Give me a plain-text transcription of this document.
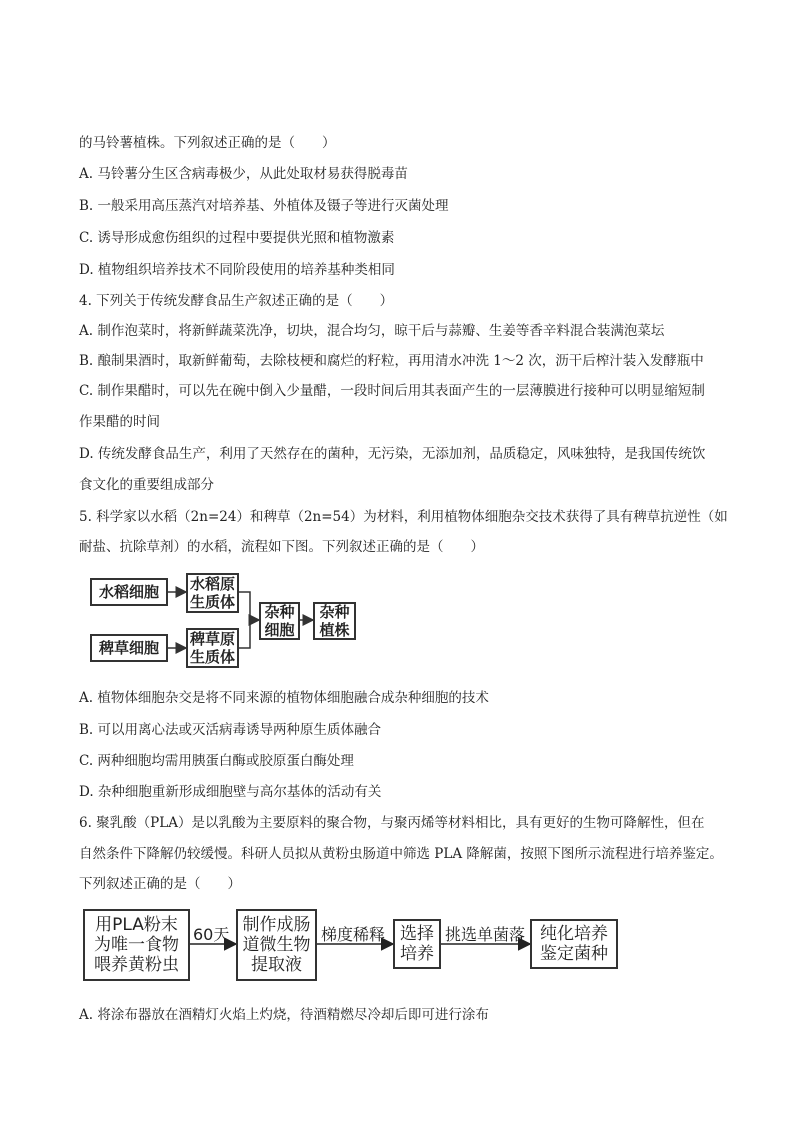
的马铃薯植株。下列叙述正确的是（　　）
A. 马铃薯分生区含病毒极少，从此处取材易获得脱毒苗
B. 一般采用高压蒸汽对培养基、外植体及镊子等进行灭菌处理
C. 诱导形成愈伤组织的过程中要提供光照和植物激素
D. 植物组织培养技术不同阶段使用的培养基种类相同
4. 下列关于传统发酵食品生产叙述正确的是（　　）
A. 制作泡菜时，将新鲜蔬菜洗净，切块，混合均匀，晾干后与蒜瓣、生姜等香辛料混合装满泡菜坛
B. 酿制果酒时，取新鲜葡萄，去除枝梗和腐烂的籽粒，再用清水冲洗 1～2 次，沥干后榨汁装入发酵瓶中
C. 制作果醋时，可以先在碗中倒入少量醋，一段时间后用其表面产生的一层薄膜进行接种可以明显缩短制
作果醋的时间
D. 传统发酵食品生产，利用了天然存在的菌种，无污染，无添加剂，品质稳定，风味独特，是我国传统饮
食文化的重要组成部分
5. 科学家以水稻（2n=24）和稗草（2n=54）为材料，利用植物体细胞杂交技术获得了具有稗草抗逆性（如
耐盐、抗除草剂）的水稻，流程如下图。下列叙述正确的是（　　）
A. 植物体细胞杂交是将不同来源的植物体细胞融合成杂种细胞的技术
B. 可以用离心法或灭活病毒诱导两种原生质体融合
C. 两种细胞均需用胰蛋白酶或胶原蛋白酶处理
D. 杂种细胞重新形成细胞壁与高尔基体的活动有关
6. 聚乳酸（PLA）是以乳酸为主要原料的聚合物，与聚丙烯等材料相比，具有更好的生物可降解性，但在
自然条件下降解仍较缓慢。科研人员拟从黄粉虫肠道中筛选 PLA 降解菌，按照下图所示流程进行培养鉴定。
下列叙述正确的是（　　）
A. 将涂布器放在酒精灯火焰上灼烧，待酒精燃尽冷却后即可进行涂布
水稻细胞	水稻原
生质体
稗草细胞	稗草原
生质体
杂种
细胞
杂种
植株
用PLA粉末
为唯一食物
喂养黄粉虫
60天 制作成肠
道微生物
提取液
梯度稀释 选择
培养
挑选单菌落 纯化培养
鉴定菌种
